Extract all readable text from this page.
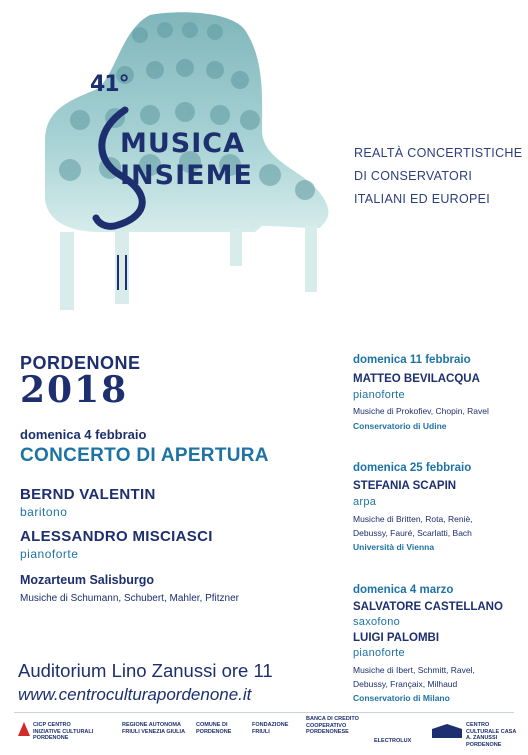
41°
MUSICA
INSIEME
REALTÀ CONCERTISTICHE
DI CONSERVATORI
ITALIANI ED EUROPEI
PORDENONE
2018
domenica 4 febbraio
CONCERTO DI APERTURA
BERND VALENTIN
baritono
ALESSANDRO MISCIASCI
pianoforte
Mozarteum Salisburgo
Musiche di Schumann, Schubert, Mahler, Pfitzner
Auditorium Lino Zanussi ore 11
www.centroculturapordenone.it
domenica 11 febbraio
MATTEO BEVILACQUA
pianoforte
Musiche di Prokofiev, Chopin, Ravel
Conservatorio di Udine
domenica 25 febbraio
STEFANIA SCAPIN
arpa
Musiche di Britten, Rota, Reniè,
Debussy, Fauré, Scarlatti, Bach
Università di Vienna
domenica 4 marzo
SALVATORE CASTELLANO
saxofono
LUIGI PALOMBI
pianoforte
Musiche di Ibert, Schmitt, Ravel,
Debussy, Françaix, Milhaud
Conservatorio di Milano
CICP CENTRO INIZIATIVE CULTURALI PORDENONE
REGIONE AUTONOMA FRIULI VENEZIA GIULIA
COMUNE DI PORDENONE
FONDAZIONE FRIULI
BANCA DI CREDITO COOPERATIVO PORDENONESE
ELECTROLUX
CENTRO CULTURALE CASA A. ZANUSSI PORDENONE
